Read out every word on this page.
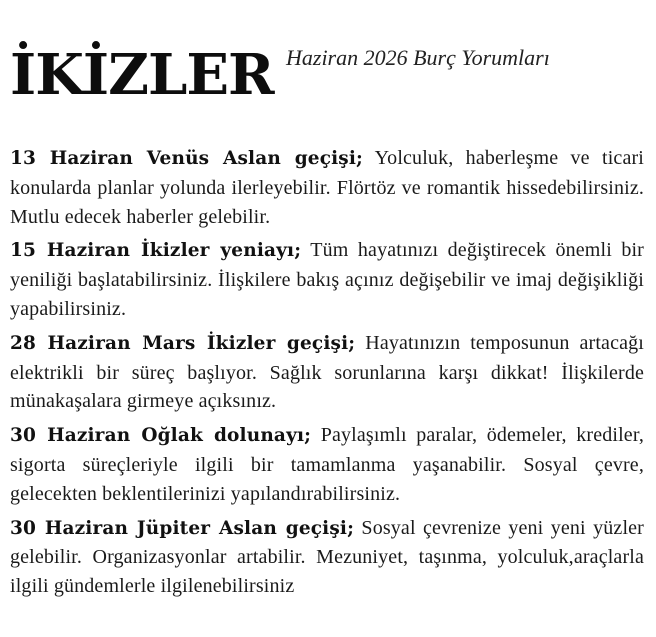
İKİZLER Haziran 2026 Burç Yorumları

13 Haziran Venüs Aslan geçişi; Yolculuk, haberleşme ve ticari konularda planlar yolunda ilerleyebilir. Flörtöz ve romantik hissedebilirsiniz. Mutlu edecek haberler gelebilir.

15 Haziran İkizler yeniayı; Tüm hayatınızı değiştirecek önemli bir yeniliği başlatabilirsiniz. İlişkilere bakış açınız değişebilir ve imaj değişikliği yapabilirsiniz.

28 Haziran Mars İkizler geçişi; Hayatınızın temposunun artacağı elektrikli bir süreç başlıyor. Sağlık sorunlarına karşı dikkat! İlişkilerde münakaşalara girmeye açıksınız.

30 Haziran Oğlak dolunayı; Paylaşımlı paralar, ödemeler, krediler, sigorta süreçleriyle ilgili bir tamamlanma yaşanabilir. Sosyal çevre, gelecekten beklentilerinizi yapılandırabilirsiniz.

30 Haziran Jüpiter Aslan geçişi; Sosyal çevrenize yeni yeni yüzler gelebilir. Organizasyonlar artabilir. Mezuniyet, taşınma, yolculuk,araçlarla ilgili gündemlerle ilgilenebilirsiniz
